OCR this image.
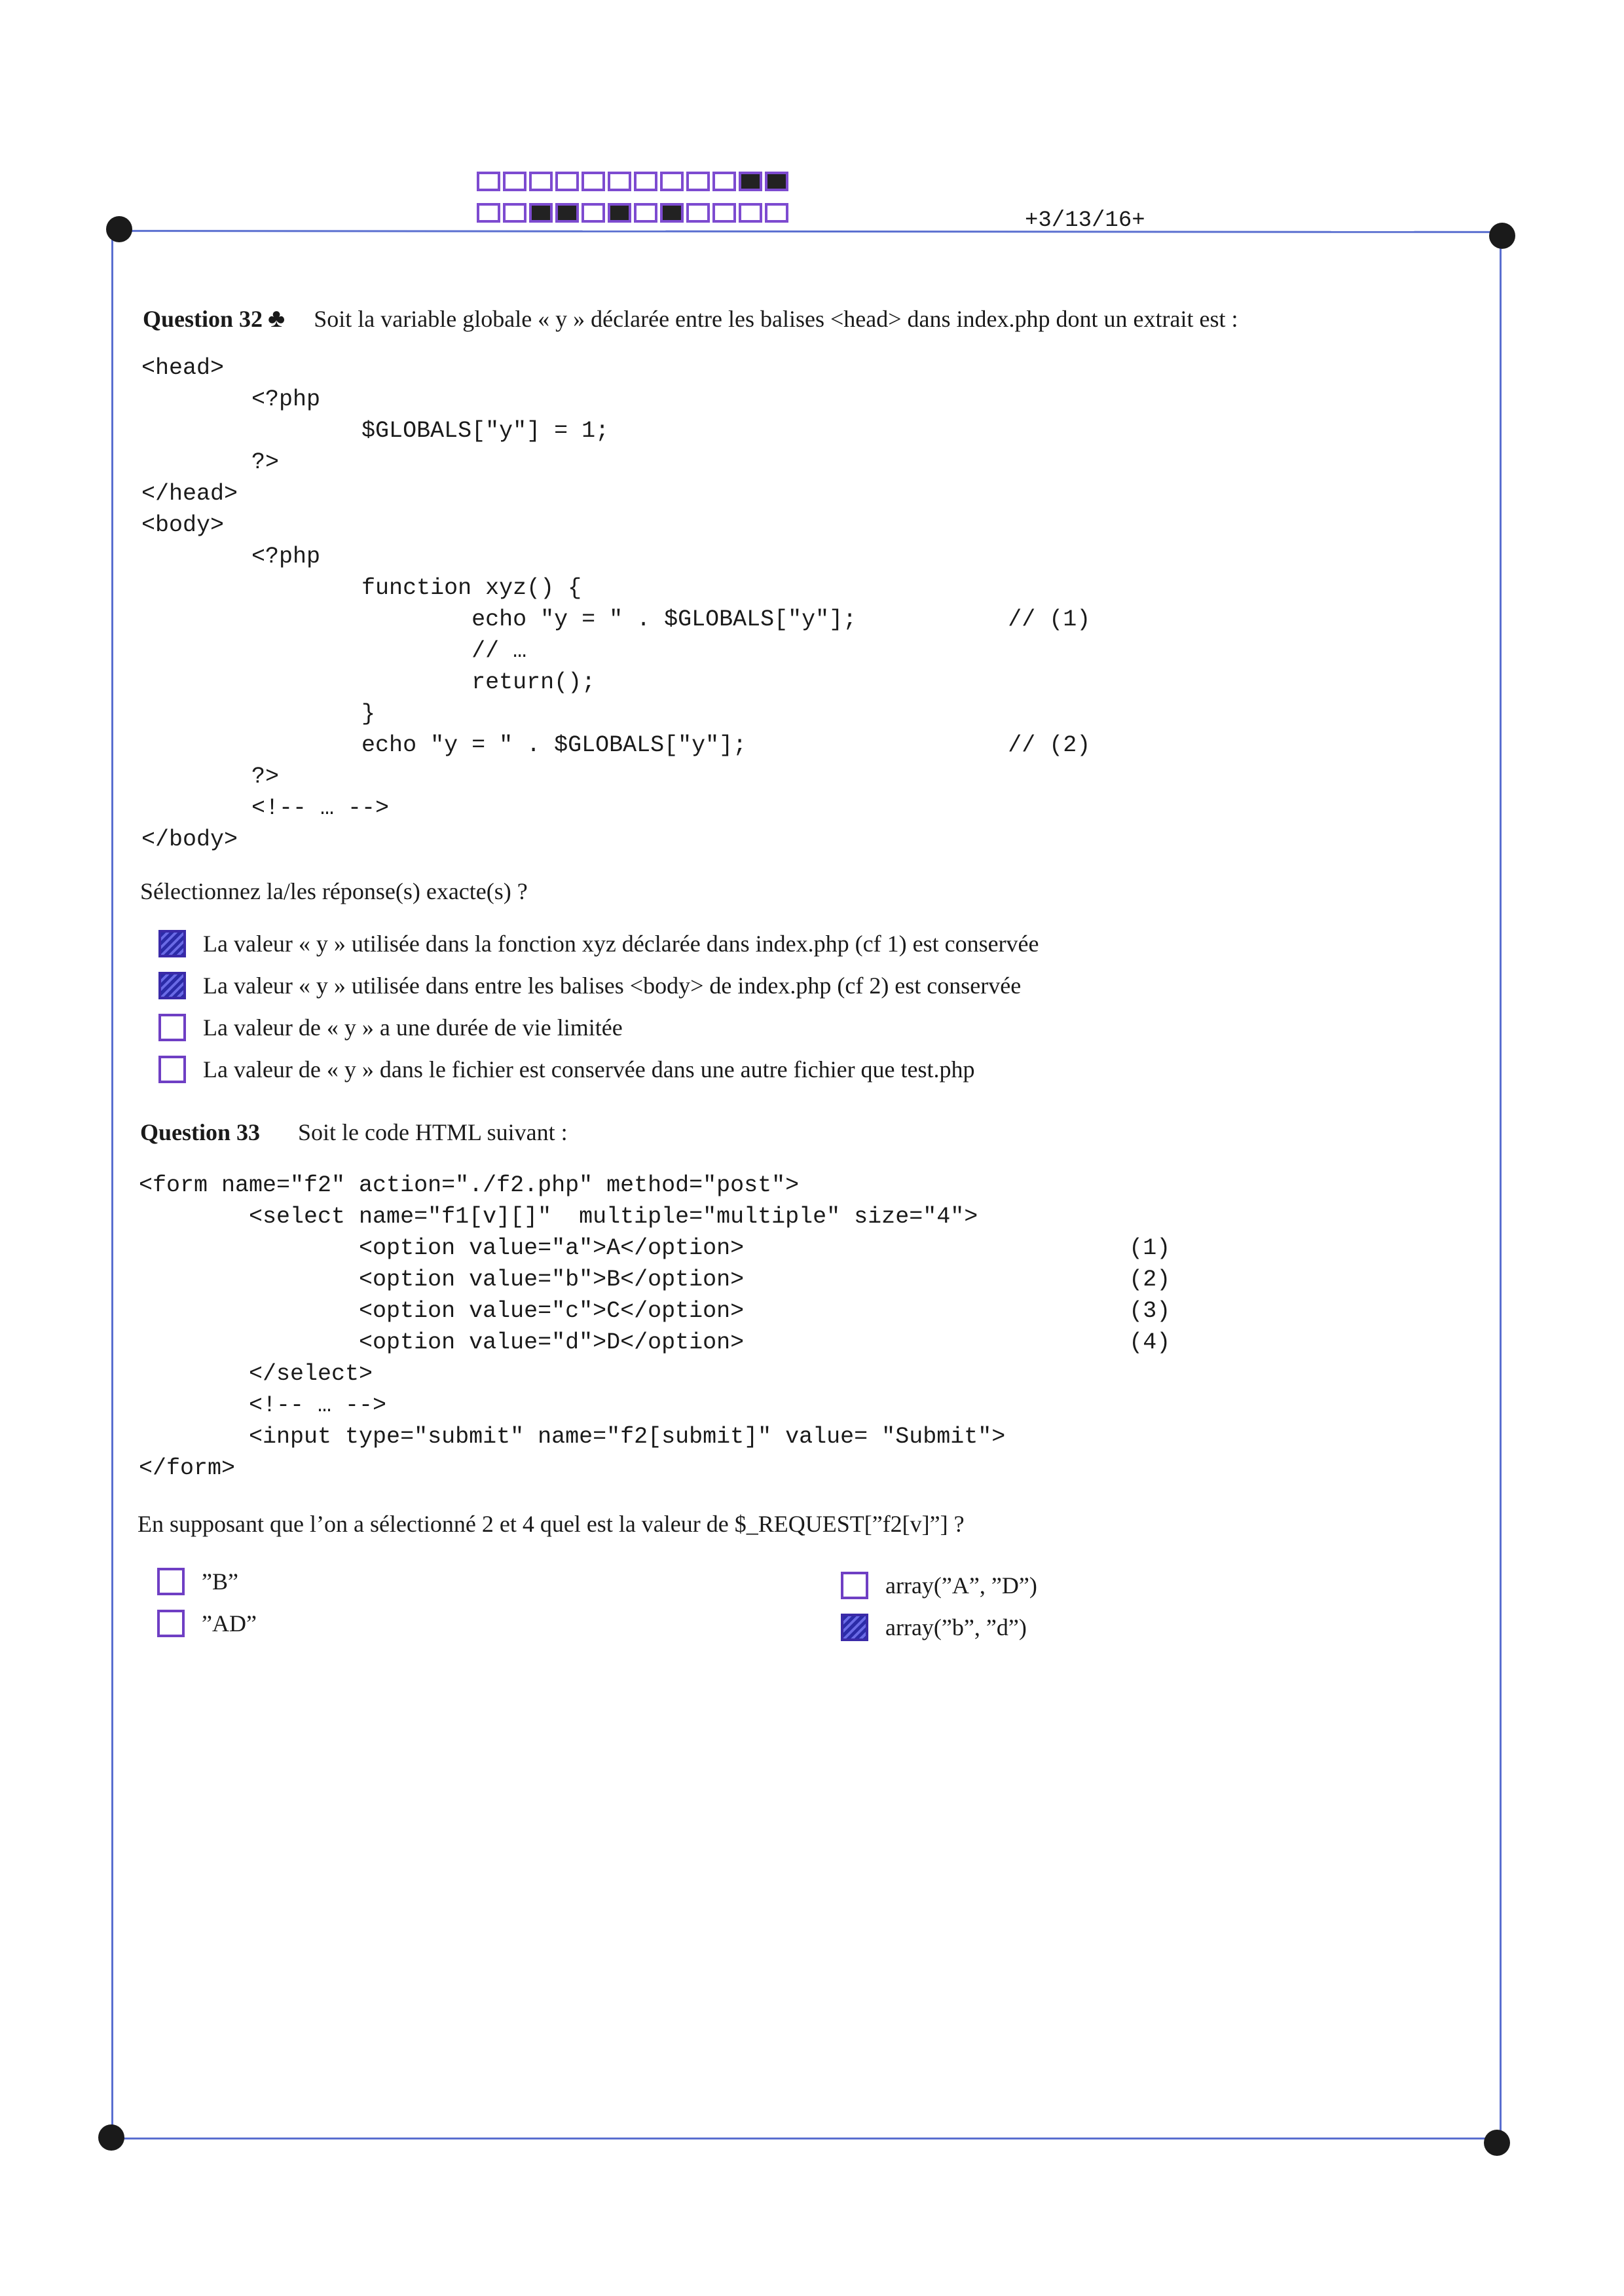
+3/13/16+
Question 32 ♣ Soit la variable globale « y » déclarée entre les balises <head> dans index.php dont un extrait est :
<head>
<?php
$GLOBALS["y"] = 1;
?>
</head>
<body>
<?php
function xyz() {
echo "y = " . $GLOBALS["y"];           // (1)
// …
return();
}
echo "y = " . $GLOBALS["y"];                   // (2)
?>
<!-- … -->
</body>
Sélectionnez la/les réponse(s) exacte(s) ?
La valeur « y » utilisée dans la fonction xyz déclarée dans index.php (cf 1) est conservée
La valeur « y » utilisée dans entre les balises <body> de index.php (cf 2) est conservée
La valeur de « y » a une durée de vie limitée
La valeur de « y » dans le fichier est conservée dans une autre fichier que test.php
Question 33 Soit le code HTML suivant :
<form name="f2" action="./f2.php" method="post">
<select name="f1[v][]"  multiple="multiple" size="4">
<option value="a">A</option>                            (1)
<option value="b">B</option>                            (2)
<option value="c">C</option>                            (3)
<option value="d">D</option>                            (4)
</select>
<!-- … -->
<input type="submit" name="f2[submit]" value= "Submit">
</form>
En supposant que l’on a sélectionné 2 et 4 quel est la valeur de $_REQUEST[”f2[v]”] ?
”B”
”AD”
array(”A”, ”D”)
array(”b”, ”d”)
